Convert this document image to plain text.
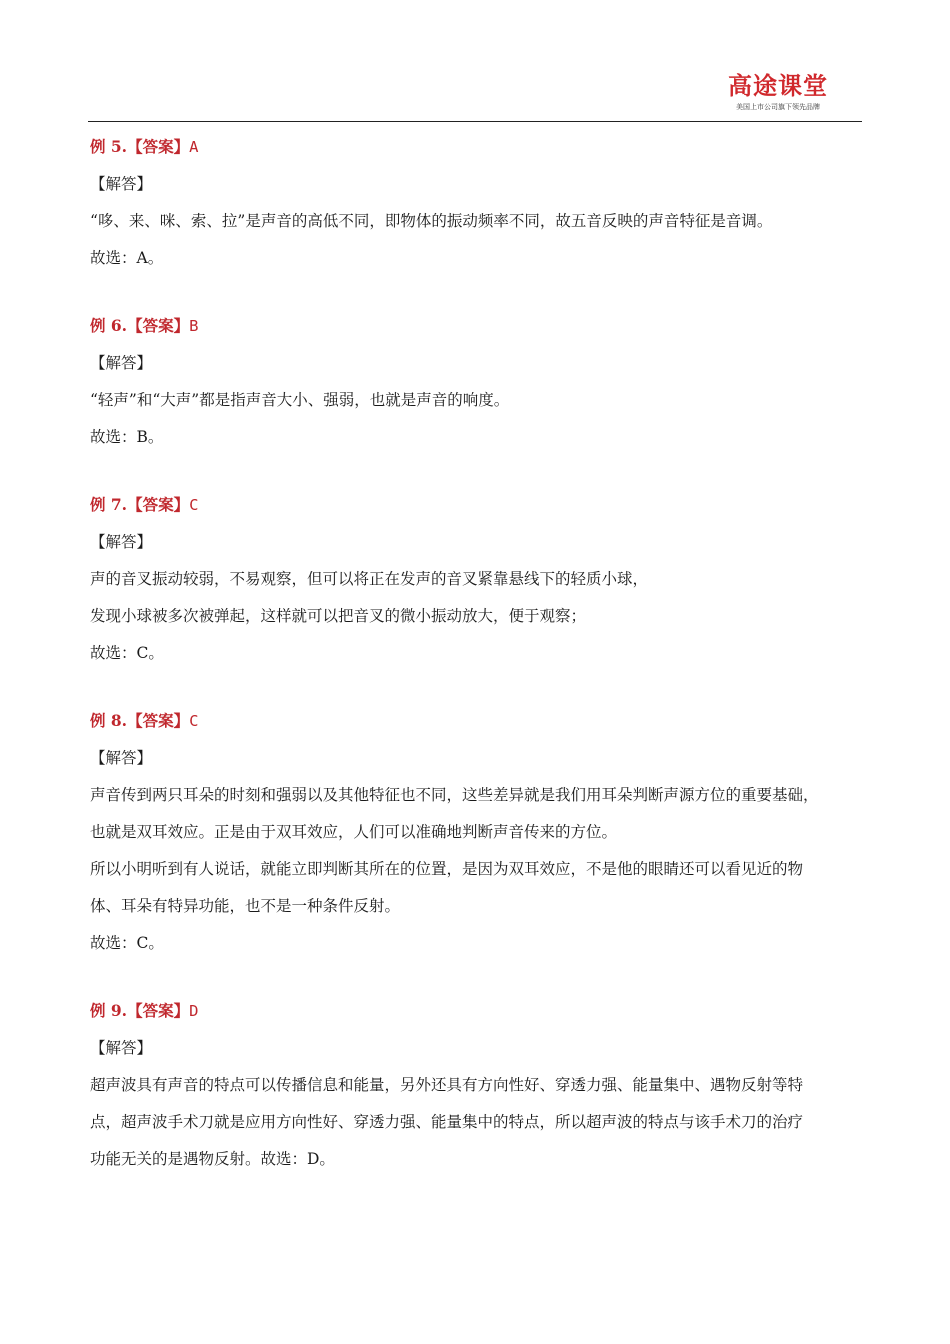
高途课堂
美国上市公司旗下领先品牌
例 5.【答案】A
【解答】
“哆、来、咪、索、拉”是声音的高低不同，即物体的振动频率不同，故五音反映的声音特征是音调。
故选：A。
例 6.【答案】B
【解答】
“轻声”和“大声”都是指声音大小、强弱，也就是声音的响度。
故选：B。
例 7.【答案】C
【解答】
声的音叉振动较弱，不易观察，但可以将正在发声的音叉紧靠悬线下的轻质小球，
发现小球被多次被弹起，这样就可以把音叉的微小振动放大，便于观察；
故选：C。
例 8.【答案】C
【解答】
声音传到两只耳朵的时刻和强弱以及其他特征也不同，这些差异就是我们用耳朵判断声源方位的重要基础，
也就是双耳效应。正是由于双耳效应，人们可以准确地判断声音传来的方位。
所以小明听到有人说话，就能立即判断其所在的位置，是因为双耳效应，不是他的眼睛还可以看见近的物
体、耳朵有特异功能，也不是一种条件反射。
故选：C。
例 9.【答案】D
【解答】
超声波具有声音的特点可以传播信息和能量，另外还具有方向性好、穿透力强、能量集中、遇物反射等特
点，超声波手术刀就是应用方向性好、穿透力强、能量集中的特点，所以超声波的特点与该手术刀的治疗
功能无关的是遇物反射。故选：D。
